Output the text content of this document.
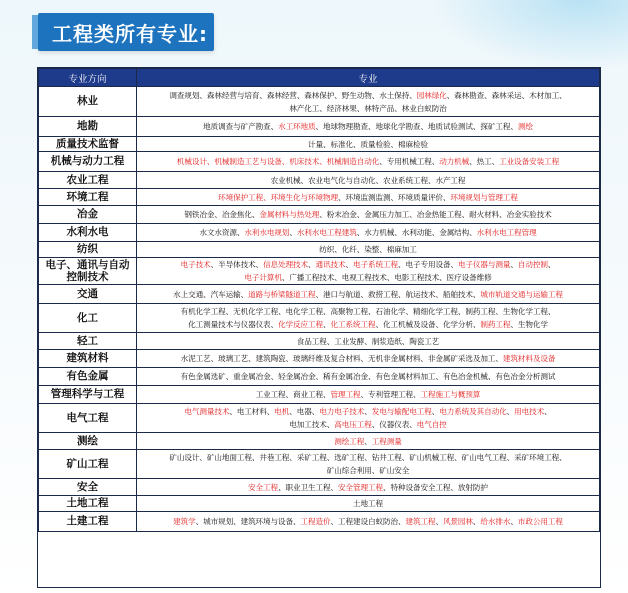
工程类所有专业:
专业方向	专业
林业	调查规划、森林经营与培育、森林经营、森林保护、野生动物、水土保持、园林绿化、森林勘查、森林采运、木材加工、
林产化工、经济林果、林特产品、林业白蚁防治

地勘	地质调查与矿产勘查、水工环地质、地球物理勘查、地球化学勘查、地质试验测试、探矿工程、测绘

质量技术监督	计量、标准化、质量检验、棉麻检验

机械与动力工程	机械设计、机械制造工艺与设备、机床技术、机械制造自动化、专用机械工程、动力机械、热工、工业设备安装工程

农业工程	农业机械、农业电气化与自动化、农业系统工程、水产工程

环境工程	环境保护工程、环境生化与环境物理、环境监测监测、环境质量评价、环境规划与管理工程

冶金	钢铁冶金、冶金焦化、金属材料与热处理、粉末冶金、金属压力加工、冶金热能工程、耐火材料、冶金实验技术

水利水电	水文水资源、水利水电规划、水利水电工程建筑、水力机械、水利动能、金属结构、水利水电工程管理

纺织	纺织、化纤、染整、棉麻加工

电子、通讯与自动控制技术	电子技术、半导体技术、信息处理技术、通讯技术、电子系统工程、电子专用设备、电子仪器与测量、自动控制、
电子计算机、广播工程技术、电视工程技术、电影工程技术、医疗设备维修

交通	水上交通、汽车运输、道路与桥梁隧道工程、港口与航道、救捞工程、航运技术、船舶技术、城市轨道交通与运输工程

化工	有机化学工程、无机化学工程、电化学工程、高聚物工程、石油化学、精细化学工程、制药工程、生物化学工程、
化工测量技术与仪器仪表、化学反应工程、化工系统工程、化工机械及设备、化学分析、制药工程、生物化学

轻工	食品工程、工业发酵、制浆造纸、陶瓷工艺

建筑材料	水泥工艺、玻璃工艺、建筑陶瓷、玻璃纤维及复合材料、无机非金属材料、非金属矿采选及加工、建筑材料及设备

有色金属	有色金属选矿、重金属冶金、轻金属冶金、稀有金属冶金、有色金属材料加工、有色冶金机械、有色冶金分析测试

管理科学与工程	工业工程、商业工程、管理工程、专利管理工程、工程施工与概预算

电气工程	电气测量技术、电工材料、电机、电器、电力电子技术、发电与输配电工程、电力系统及其自动化、用电技术、
电加工技术、高电压工程、仪器仪表、电气自控

测绘	测绘工程、工程测量

矿山工程	矿山设计、矿山地面工程、井巷工程、采矿工程、选矿工程、钻井工程、矿山机械工程、矿山电气工程、采矿环境工程、
矿山综合利用、矿山安全

安全	安全工程、职业卫生工程、安全管理工程、特种设备安全工程、放射防护

土地工程	土地工程

土建工程	建筑学、城市规划、建筑环境与设备、工程造价、工程建设白蚁防治、建筑工程、风景园林、给水排水、市政公用工程
